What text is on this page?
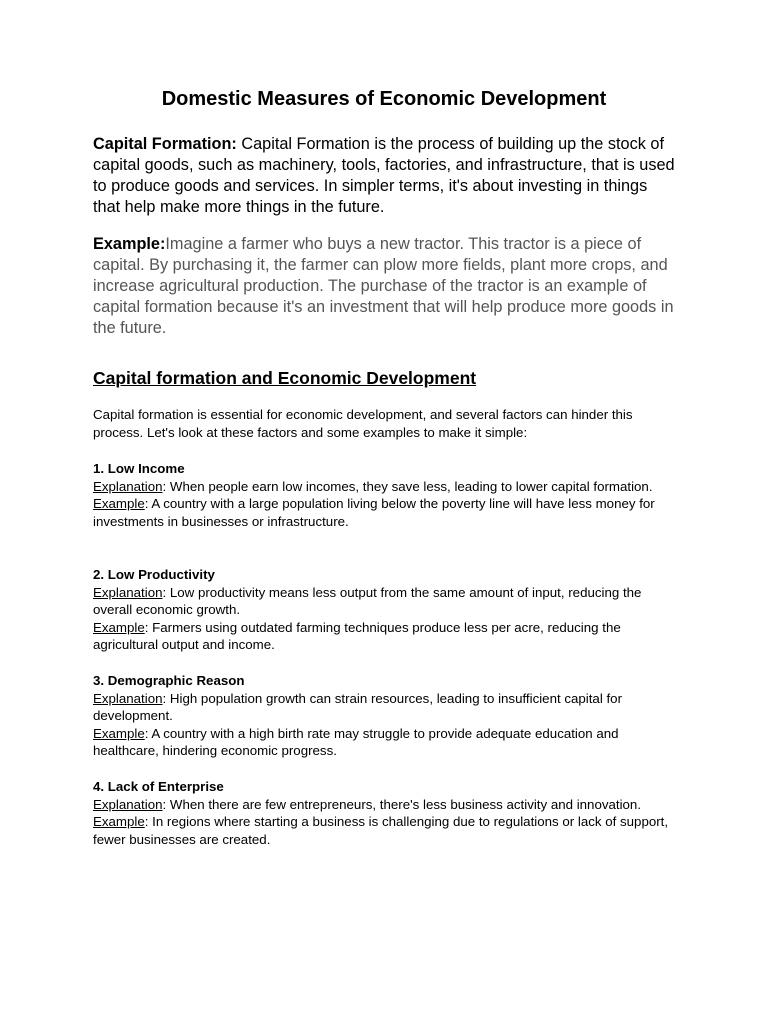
Domestic Measures of Economic Development

Capital Formation: Capital Formation is the process of building up the stock of capital goods, such as machinery, tools, factories, and infrastructure, that is used to produce goods and services. In simpler terms, it's about investing in things that help make more things in the future.

Example:Imagine a farmer who buys a new tractor. This tractor is a piece of capital. By purchasing it, the farmer can plow more fields, plant more crops, and increase agricultural production. The purchase of the tractor is an example of capital formation because it's an investment that will help produce more goods in the future.

Capital formation and Economic Development

Capital formation is essential for economic development, and several factors can hinder this process. Let's look at these factors and some examples to make it simple:

1. Low Income
Explanation: When people earn low incomes, they save less, leading to lower capital formation.
Example: A country with a large population living below the poverty line will have less money for investments in businesses or infrastructure.
2. Low Productivity
Explanation: Low productivity means less output from the same amount of input, reducing the overall economic growth.
Example: Farmers using outdated farming techniques produce less per acre, reducing the agricultural output and income.
3. Demographic Reason
Explanation: High population growth can strain resources, leading to insufficient capital for development.
Example: A country with a high birth rate may struggle to provide adequate education and healthcare, hindering economic progress.
4. Lack of Enterprise
Explanation: When there are few entrepreneurs, there's less business activity and innovation.
Example: In regions where starting a business is challenging due to regulations or lack of support, fewer businesses are created.
